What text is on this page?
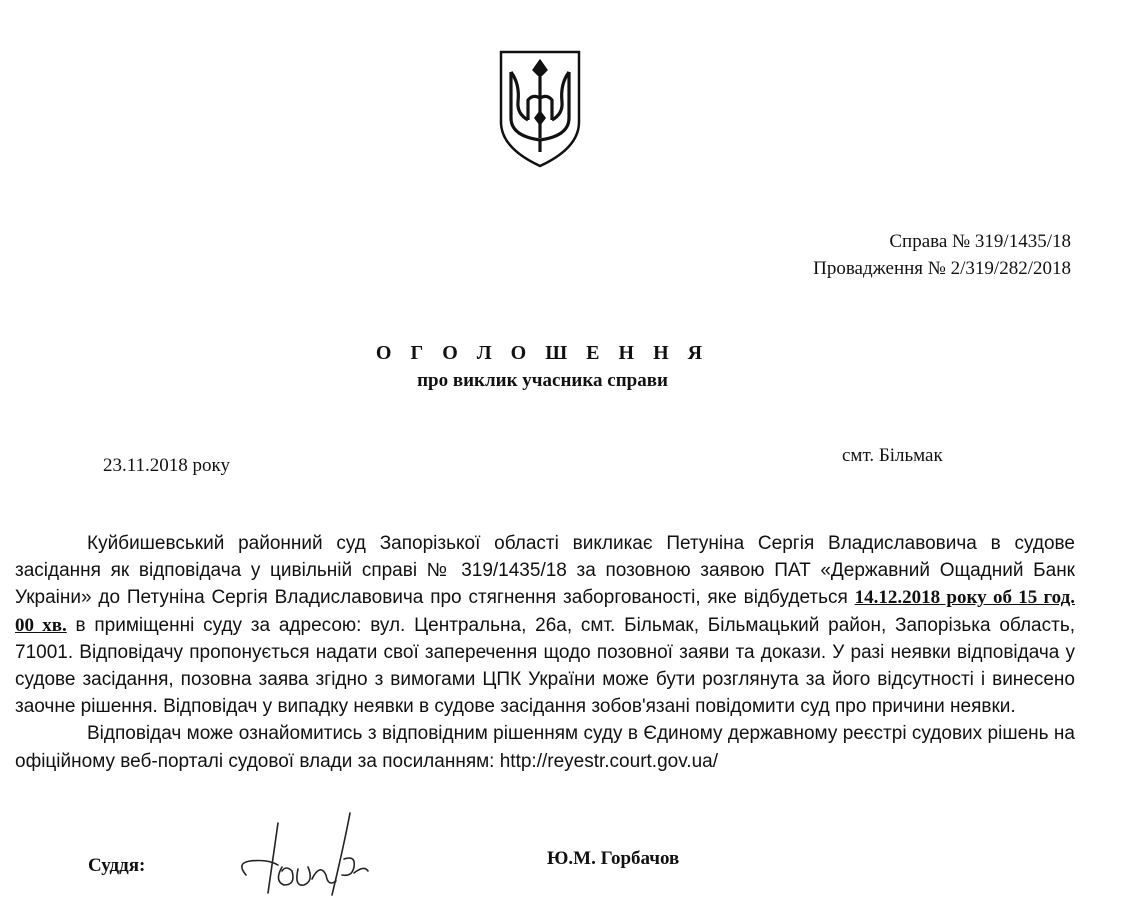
Справа № 319/1435/18
Провадження № 2/319/282/2018
О Г О Л О Ш Е Н Н Я
про виклик учасника справи
23.11.2018 року	смт. Більмак

Куйбишевський районний суд Запорізької області викликає Петуніна Сергія Владиславовича в судове засідання як відповідача у цивільній справі № 319/1435/18 за позовною заявою ПАТ «Державний Ощадний Банк Украіни» до Петуніна Сергія Владиславовича про стягнення заборгованості, яке відбудеться 14.12.2018 року об 15 год. 00 хв. в приміщенні суду за адресою: вул. Центральна, 26а, смт. Більмак, Більмацький район, Запорізька область, 71001. Відповідачу пропонується надати свої заперечення щодо позовної заяви та докази. У разі неявки відповідача у судове засідання, позовна заява згідно з вимогами ЦПК України може бути розглянута за його відсутності і винесено заочне рішення. Відповідач у випадку неявки в судове засідання зобов'язані повідомити суд про причини неявки.

Відповідач може ознайомитись з відповідним рішенням суду в Єдиному державному реєстрі судових рішень на офіційному веб-порталі судової влади за посиланням: http://reyestr.court.gov.ua/

Суддя:	Ю.М. Горбачов
